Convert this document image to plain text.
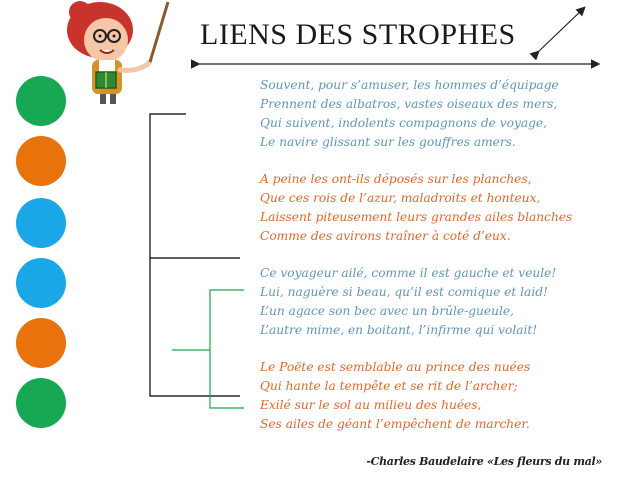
LIENS DES STROPHES
Souvent, pour s’amuser, les hommes d’équipage
Prennent des albatros, vastes oiseaux des mers,
Qui suivent, indolents compagnons de voyage,
Le navire glissant sur les gouffres amers.
A peine les ont-ils déposés sur les planches,
Que ces rois de l’azur, maladroits et honteux,
Laissent piteusement leurs grandes ailes blanches
Comme des avirons traîner à coté d’eux.
Ce voyageur ailé, comme il est gauche et veule!
Lui, naguère si beau, qu’il est comique et laid!
L’un agace son bec avec un brûle-gueule,
L’autre mime, en boitant, l’infirme qui volait!
Le Poëte est semblable au prince des nuées
Qui hante la tempête et se rit de l’archer;
Exilé sur le sol au milieu des huées,
Ses ailes de géant l’empêchent de marcher.
-Charles Baudelaire «Les fleurs du mal»
